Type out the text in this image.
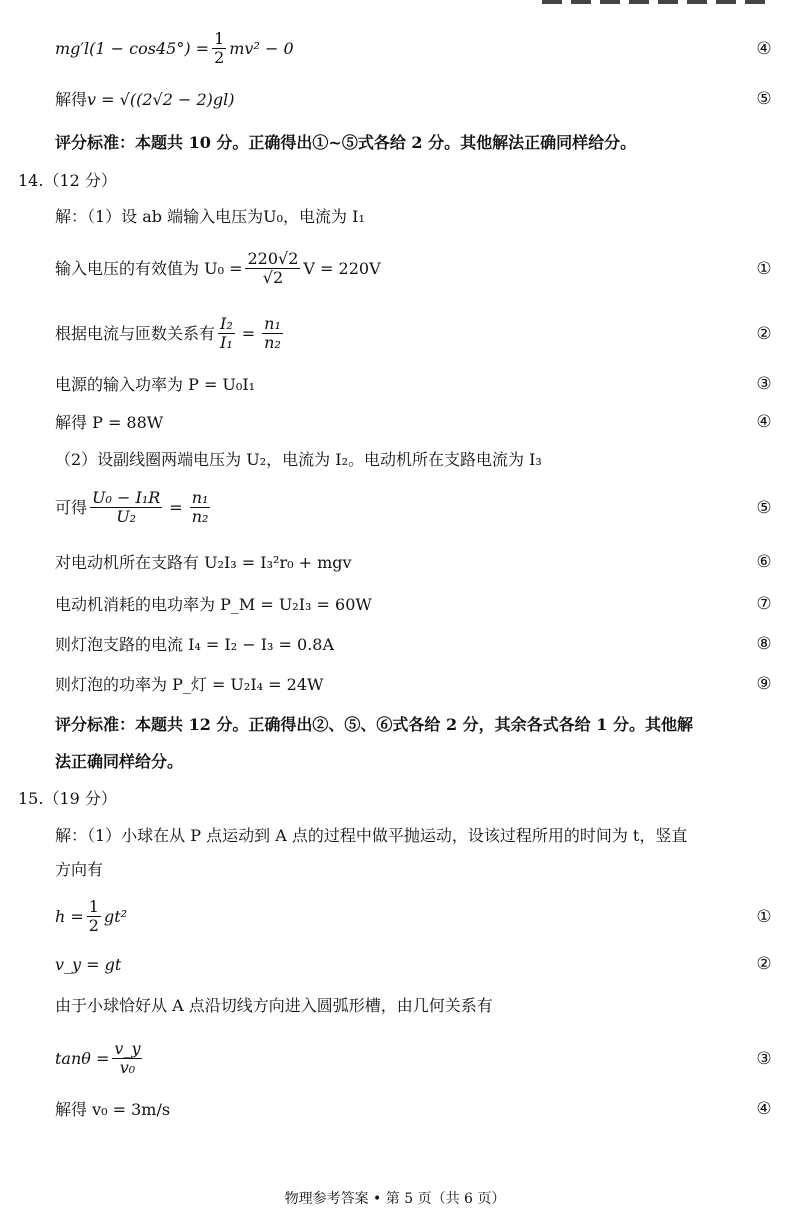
$mg'l(1 - \cos 45^\circ) = \frac{1}{2} mv^2 - 0$	④
解得 v = √((2√2 − 2)gl)	⑤
评分标准：本题共 10 分。正确得出①~⑤式各给 2 分。其他解法正确同样给分。
14.（12 分）
解：（1）设 ab 端输入电压为U₀，电流为 I₁
输入电压的有效值为 $U_0 = \frac{220√2}{√2}$ V = 220V	①
根据电流与匝数关系有 $\frac{\text{I₂}}{\text{I₁}} = \frac{\text{n₁}}{\text{n₂}}$	②
电源的输入功率为 P = U₀I₁	③
解得 P = 88W	④
（2）设副线圈两端电压为 U₂，电流为 I₂。电动机所在支路电流为 I₃
可得 $\frac{\text{U₀ − I₁R}}{\text{U₂}} = \frac{\text{n₁}}{\text{n₂}}$	⑤
对电动机所在支路有 U₂I₃ = I₃²r₀ + mgv	⑥
电动机消耗的电功率为 P_M = U₂I₃ = 60W	⑦
则灯泡支路的电流 I₄ = I₂ − I₃ = 0.8A	⑧
则灯泡的功率为 P_灯 = U₂I₄ = 24W	⑨
评分标准：本题共 12 分。正确得出②、⑤、⑥式各给 2 分，其余各式各给 1 分。其他解
法正确同样给分。
15.（19 分）
解：（1）小球在从 P 点运动到 A 点的过程中做平抛运动，设该过程所用的时间为 t，竖直
方向有
$h = \frac{1}{2} gt^2$	①
v_y = gt	②
由于小球恰好从 A 点沿切线方向进入圆弧形槽，由几何关系有
$\tan\theta = \frac{v\_y}{\text{v₀}}$	③
解得 v₀ = 3m/s	④
物理参考答案 • 第 5 页（共 6 页）
